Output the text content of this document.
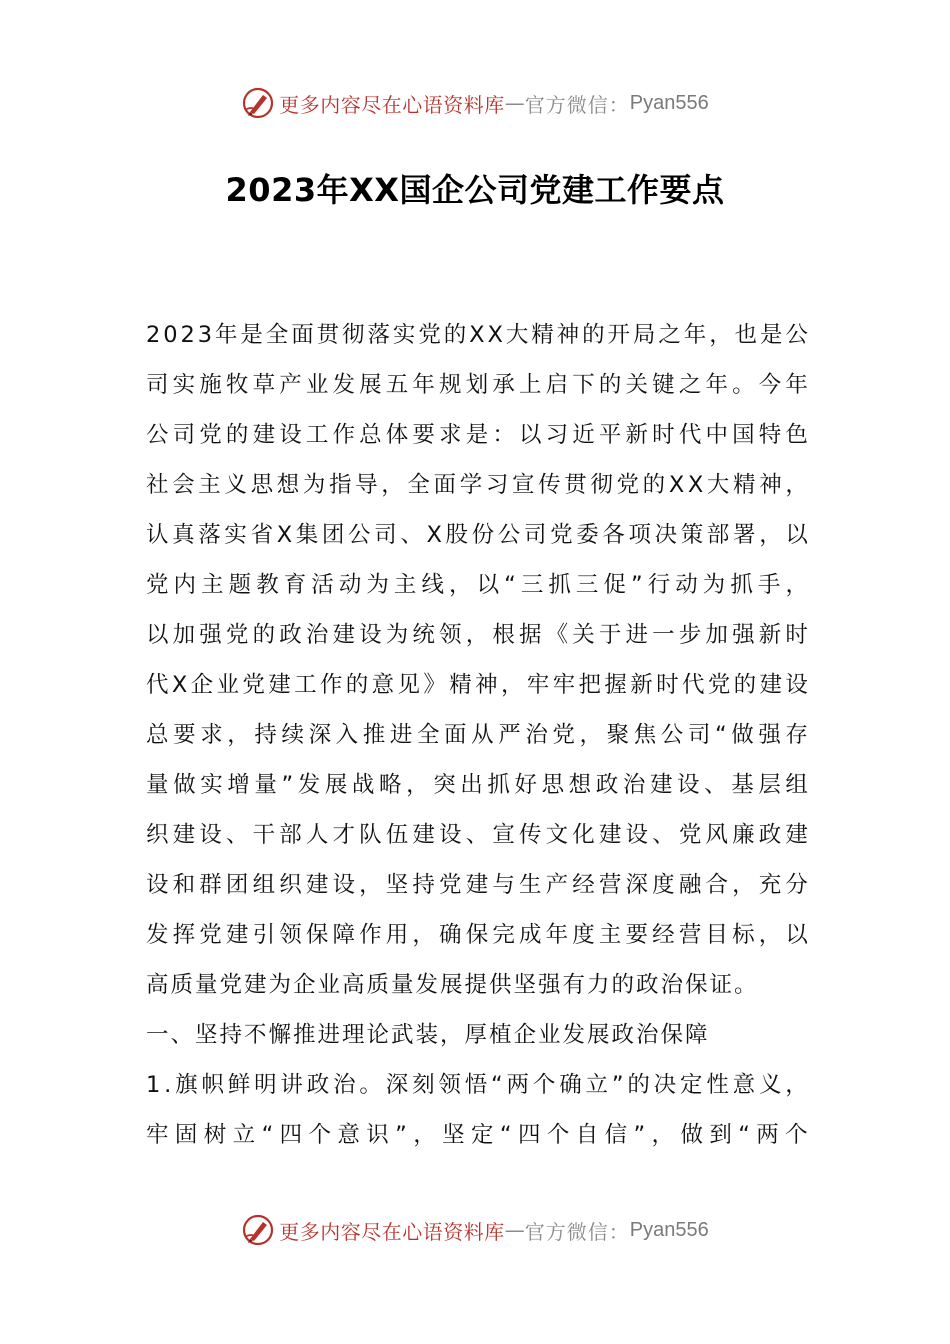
更多内容尽在心语资料库 — 官方微信： Pyan556
2023年XX国企公司党建工作要点
2 0 2 3 年 是 全 面 贯 彻 落 实 党 的 X X 大 精 神 的 开 局 之 年 ， 也 是 公
司 实 施 牧 草 产 业 发 展 五 年 规 划 承 上 启 下 的 关 键 之 年 。 今 年
公 司 党 的 建 设 工 作 总 体 要 求 是 ： 以 习 近 平 新 时 代 中 国 特 色
社 会 主 义 思 想 为 指 导 ， 全 面 学 习 宣 传 贯 彻 党 的 X X 大 精 神 ，
认 真 落 实 省 X 集 团 公 司 、 X 股 份 公 司 党 委 各 项 决 策 部 署 ， 以
党 内 主 题 教 育 活 动 为 主 线 ， 以 “ 三 抓 三 促 ” 行 动 为 抓 手 ，
以 加 强 党 的 政 治 建 设 为 统 领 ， 根 据 《 关 于 进 一 步 加 强 新 时
代 X 企 业 党 建 工 作 的 意 见 》 精 神 ， 牢 牢 把 握 新 时 代 党 的 建 设
总 要 求 ， 持 续 深 入 推 进 全 面 从 严 治 党 ， 聚 焦 公 司 “ 做 强 存
量 做 实 增 量 ” 发 展 战 略 ， 突 出 抓 好 思 想 政 治 建 设 、 基 层 组
织 建 设 、 干 部 人 才 队 伍 建 设 、 宣 传 文 化 建 设 、 党 风 廉 政 建
设 和 群 团 组 织 建 设 ， 坚 持 党 建 与 生 产 经 营 深 度 融 合 ， 充 分
发 挥 党 建 引 领 保 障 作 用 ， 确 保 完 成 年 度 主 要 经 营 目 标 ， 以
高质量党建为企业高质量发展提供坚强有力的政治保证。
一、坚持不懈推进理论武装，厚植企业发展政治保障
1 . 旗 帜 鲜 明 讲 政 治 。 深 刻 领 悟 “ 两 个 确 立 ” 的 决 定 性 意 义 ，
牢 固 树 立 “ 四 个 意 识 ” ， 坚 定 “ 四 个 自 信 ” ， 做 到 “ 两 个
更多内容尽在心语资料库 — 官方微信： Pyan556
